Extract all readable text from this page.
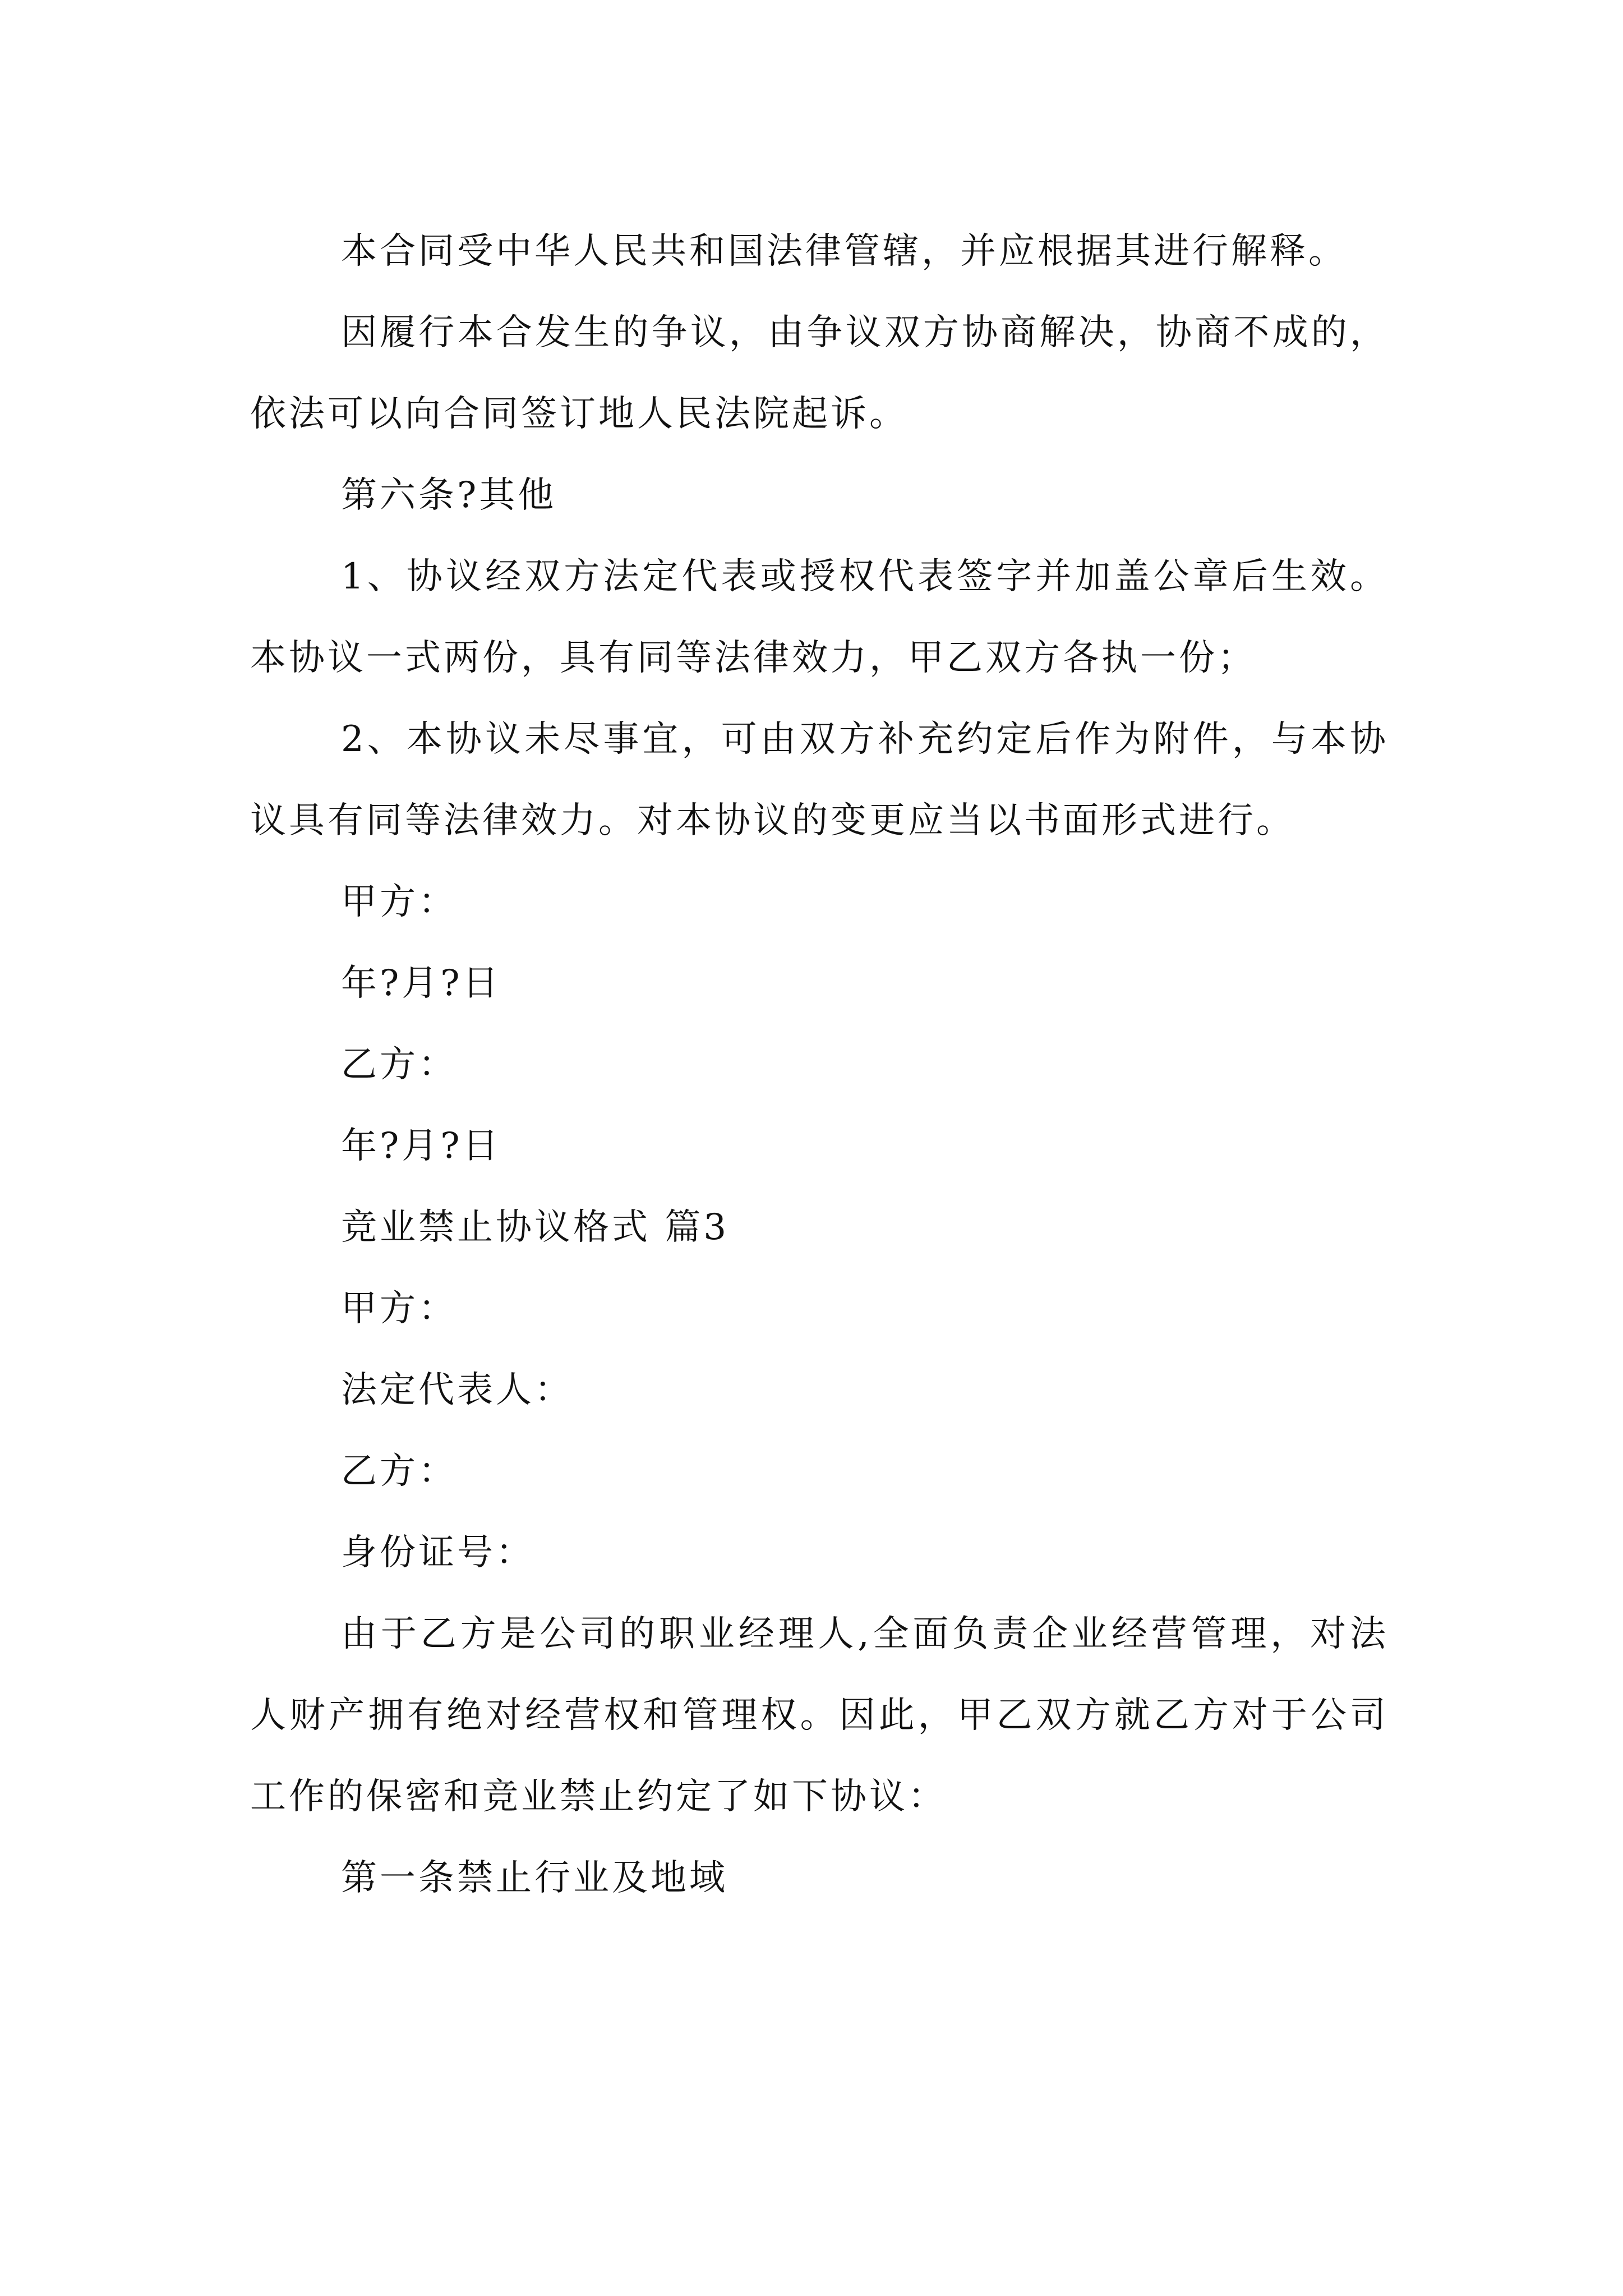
本合同受中华人民共和国法律管辖，并应根据其进行解释。

因履行本合发生的争议，由争议双方协商解决，协商不成的，依法可以向合同签订地人民法院起诉。

第六条?其他

1、协议经双方法定代表或授权代表签字并加盖公章后生效。本协议一式两份，具有同等法律效力，甲乙双方各执一份；

2、本协议未尽事宜，可由双方补充约定后作为附件，与本协议具有同等法律效力。对本协议的变更应当以书面形式进行。

甲方：

年?月?日

乙方：

年?月?日

竞业禁止协议格式 篇3

甲方：

法定代表人：

乙方：

身份证号：

由于乙方是公司的职业经理人,全面负责企业经营管理，对法人财产拥有绝对经营权和管理权。因此，甲乙双方就乙方对于公司工作的保密和竞业禁止约定了如下协议：

第一条禁止行业及地域
